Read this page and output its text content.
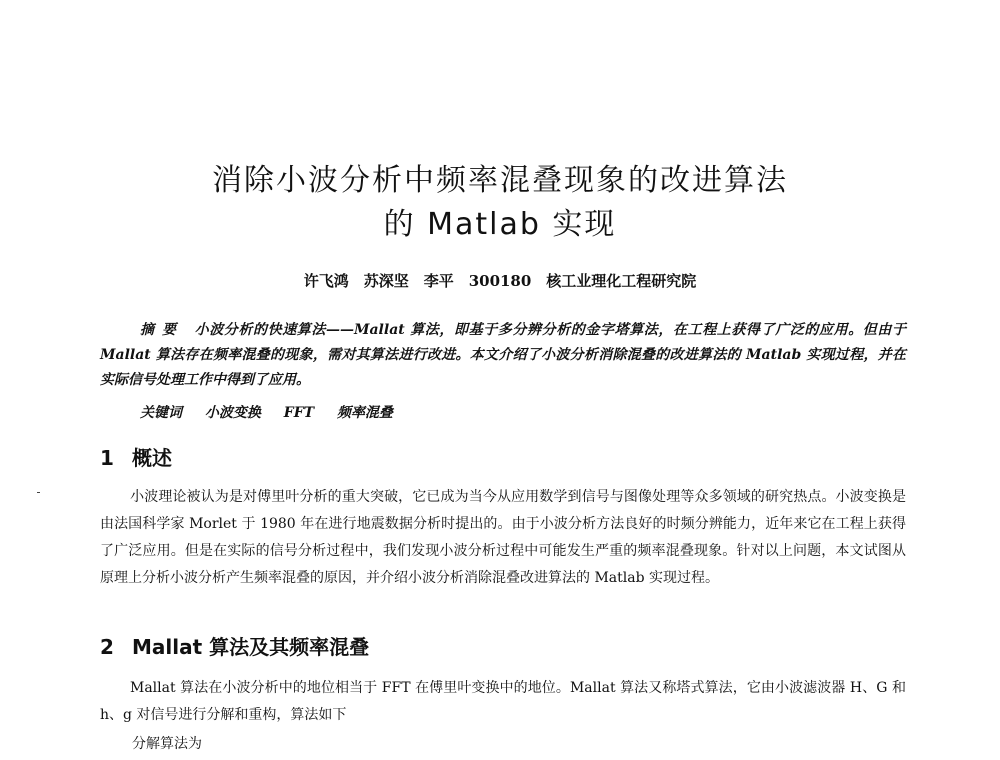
消除小波分析中频率混叠现象的改进算法
的 Matlab 实现
许飞鸿　苏深坚　李平　300180　核工业理化工程研究院
摘要 小波分析的快速算法——Mallat 算法，即基于多分辨分析的金字塔算法，在工程上获得了广泛的应用。但由于 Mallat 算法存在频率混叠的现象，需对其算法进行改进。本文介绍了小波分析消除混叠的改进算法的 Matlab 实现过程，并在实际信号处理工作中得到了应用。
关键词 小波变换 FFT 频率混叠
1 概述
小波理论被认为是对傅里叶分析的重大突破，它已成为当今从应用数学到信号与图像处理等众多领域的研究热点。小波变换是由法国科学家 Morlet 于 1980 年在进行地震数据分析时提出的。由于小波分析方法良好的时频分辨能力，近年来它在工程上获得了广泛应用。但是在实际的信号分析过程中，我们发现小波分析过程中可能发生严重的频率混叠现象。针对以上问题，本文试图从原理上分析小波分析产生频率混叠的原因，并介绍小波分析消除混叠改进算法的 Matlab 实现过程。
2 Mallat 算法及其频率混叠
Mallat 算法在小波分析中的地位相当于 FFT 在傅里叶变换中的地位。Mallat 算法又称塔式算法，它由小波滤波器 H、G 和 h、g 对信号进行分解和重构，算法如下
分解算法为
